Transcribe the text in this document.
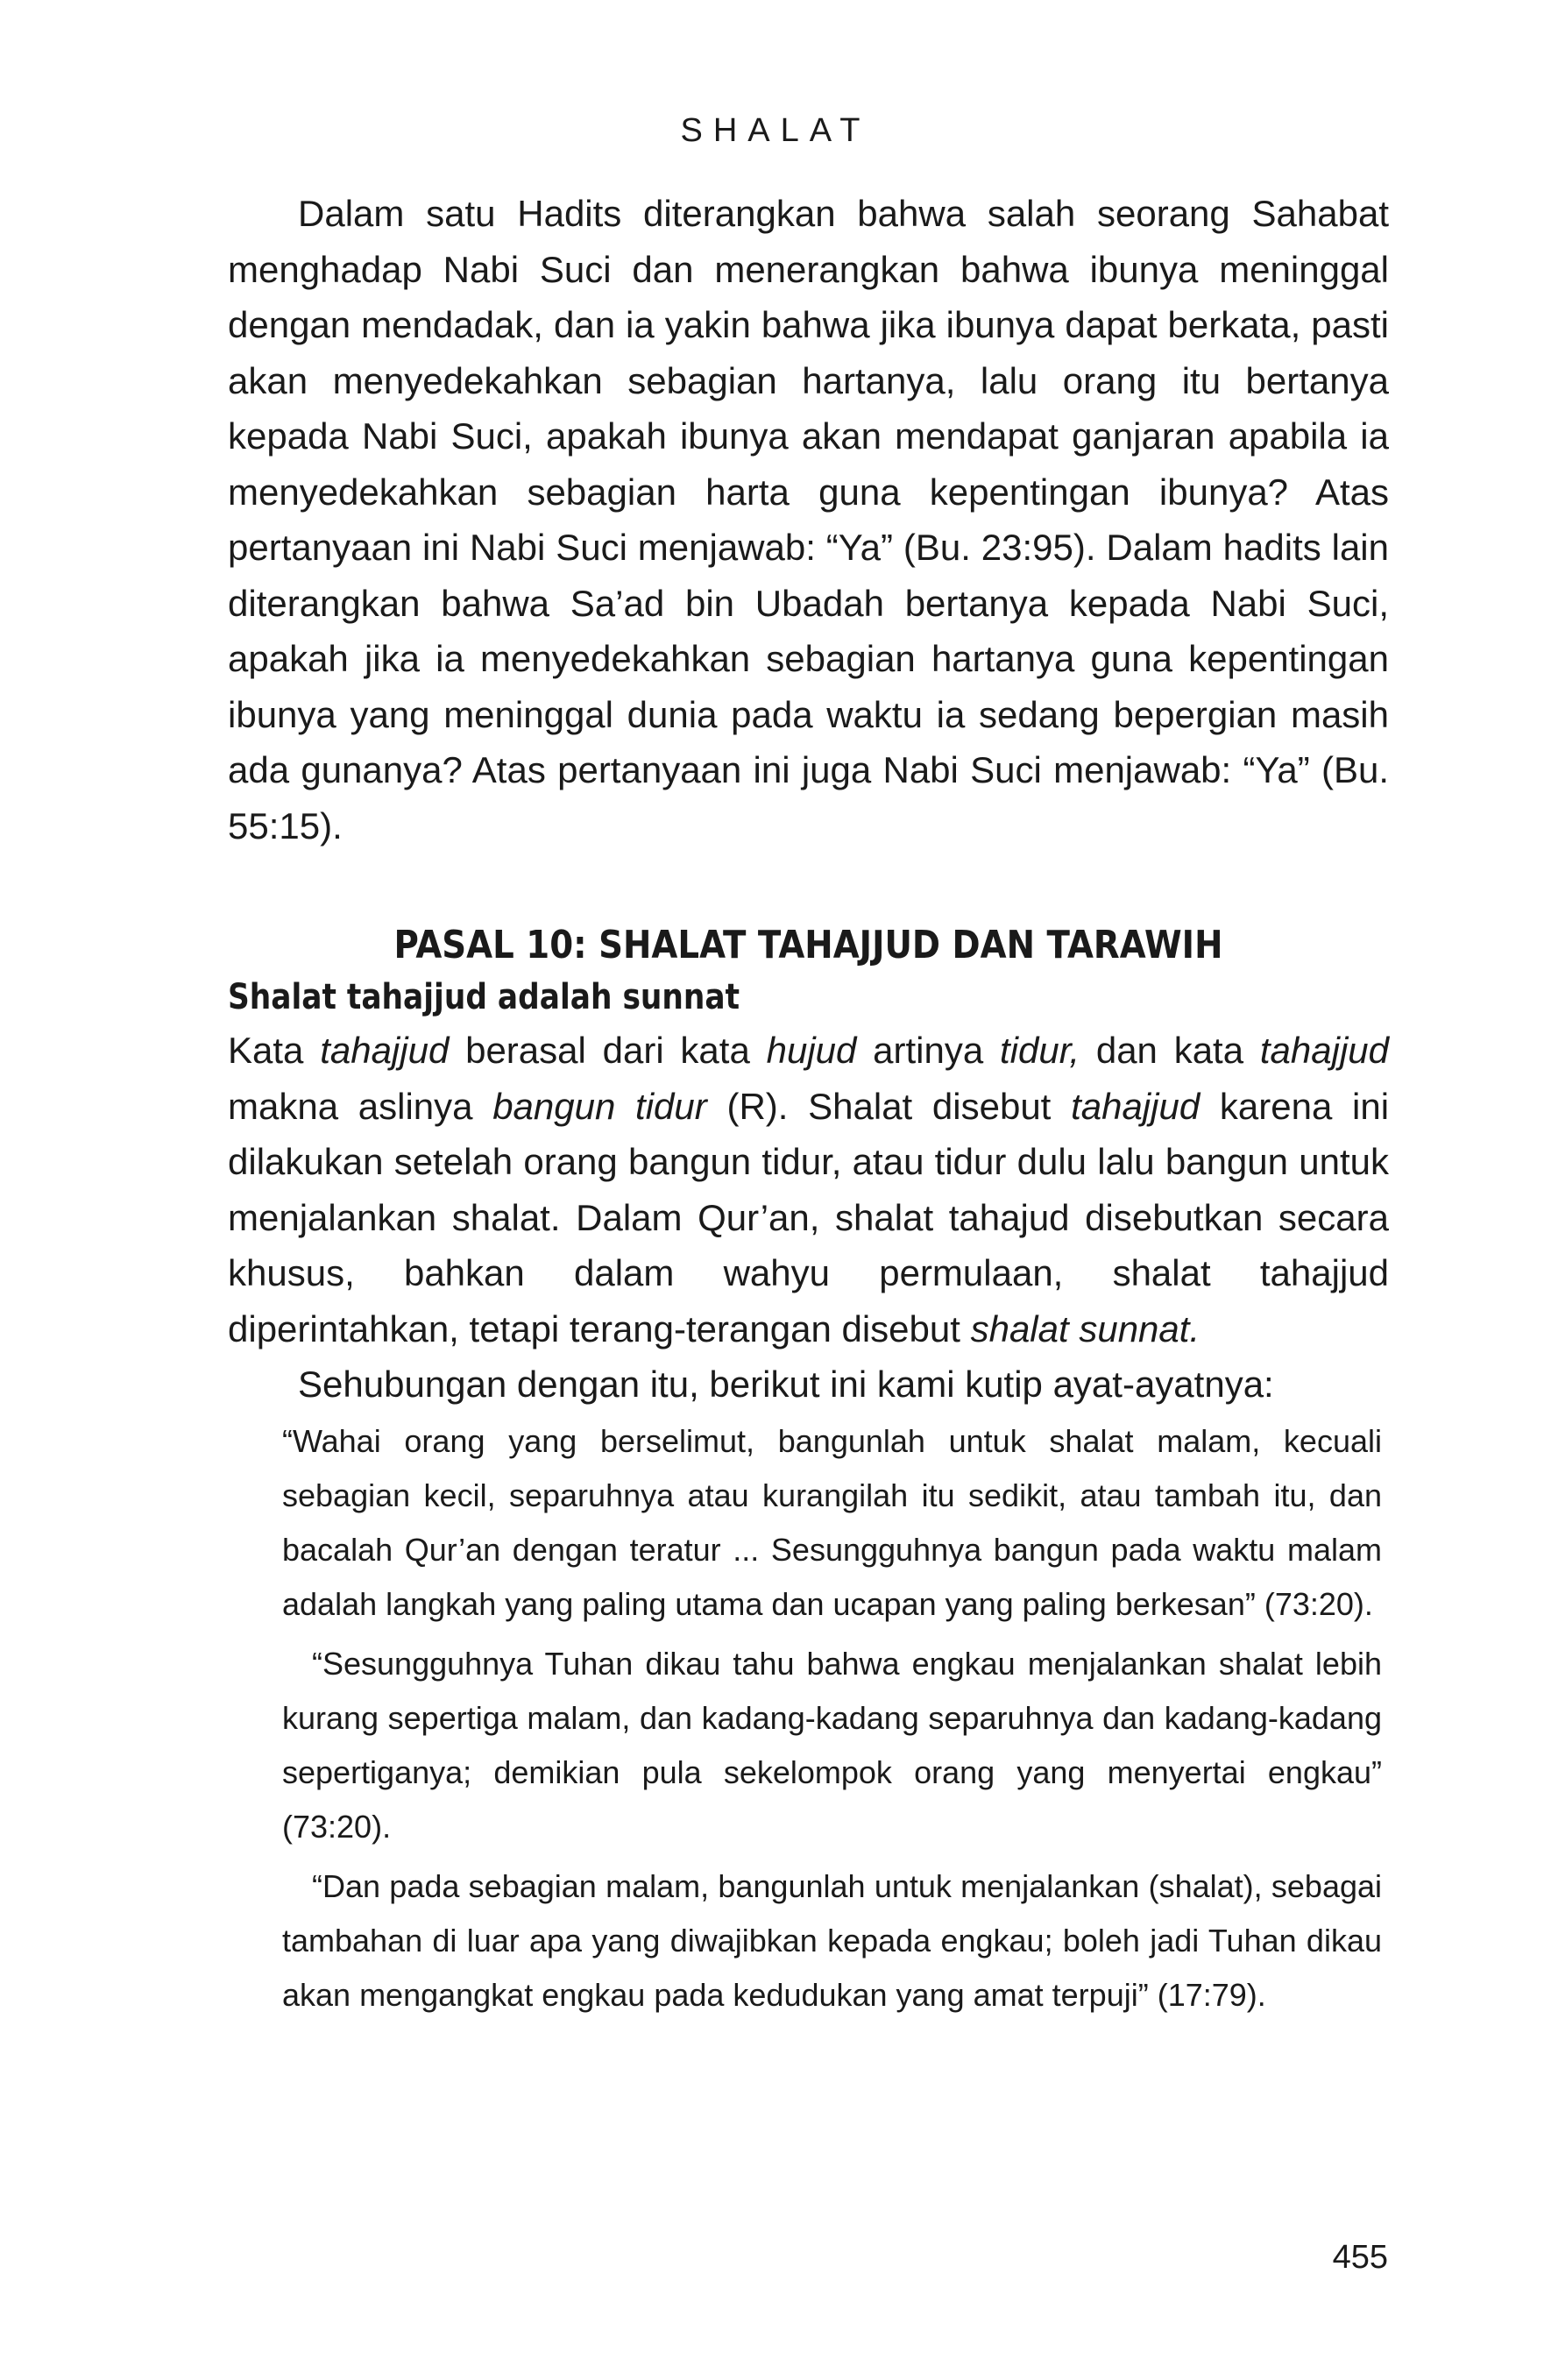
SHALAT

Dalam satu Hadits diterangkan bahwa salah seorang Sahabat menghadap Nabi Suci dan menerangkan bahwa ibunya meninggal dengan mendadak, dan ia yakin bahwa jika ibunya dapat berkata, pasti akan menyedekahkan sebagian hartanya, lalu orang itu bertanya kepada Nabi Suci, apakah ibunya akan mendapat ganjaran apabila ia menyedekahkan sebagian harta guna kepentingan ibunya? Atas pertanyaan ini Nabi Suci menjawab: “Ya” (Bu. 23:95). Dalam hadits lain diterangkan bahwa Sa’ad bin Ubadah bertanya kepada Nabi Suci, apakah jika ia menyedekahkan sebagian hartanya guna kepentingan ibunya yang meninggal dunia pada waktu ia sedang bepergian masih ada gunanya? Atas pertanyaan ini juga Nabi Suci menjawab: “Ya” (Bu. 55:15).

PASAL 10: SHALAT TAHAJJUD DAN TARAWIH
Shalat tahajjud adalah sunnat

Kata tahajjud berasal dari kata hujud artinya tidur, dan kata tahajjud makna aslinya bangun tidur (R). Shalat disebut tahajjud karena ini dilakukan setelah orang bangun tidur, atau tidur dulu lalu bangun untuk menjalankan shalat. Dalam Qur’an, shalat tahajud disebutkan secara khusus, bahkan dalam wahyu permulaan, shalat tahajjud diperintahkan, tetapi terang-terangan disebut shalat sunnat.

Sehubungan dengan itu, berikut ini kami kutip ayat-ayatnya:

“Wahai orang yang berselimut, bangunlah untuk shalat malam, kecuali sebagian kecil, separuhnya atau kurangilah itu sedikit, atau tambah itu, dan bacalah Qur’an dengan teratur ... Sesungguhnya bangun pada waktu malam adalah langkah yang paling utama dan ucapan yang paling berkesan” (73:20).

“Sesungguhnya Tuhan dikau tahu bahwa engkau menjalankan shalat lebih kurang sepertiga malam, dan kadang-kadang separuhnya dan kadang-kadang sepertiganya; demikian pula sekelompok orang yang menyertai engkau” (73:20).

“Dan pada sebagian malam, bangunlah untuk menjalankan (shalat), sebagai tambahan di luar apa yang diwajibkan kepada engkau; boleh jadi Tuhan dikau akan mengangkat engkau pada kedudukan yang amat terpuji” (17:79).

455
